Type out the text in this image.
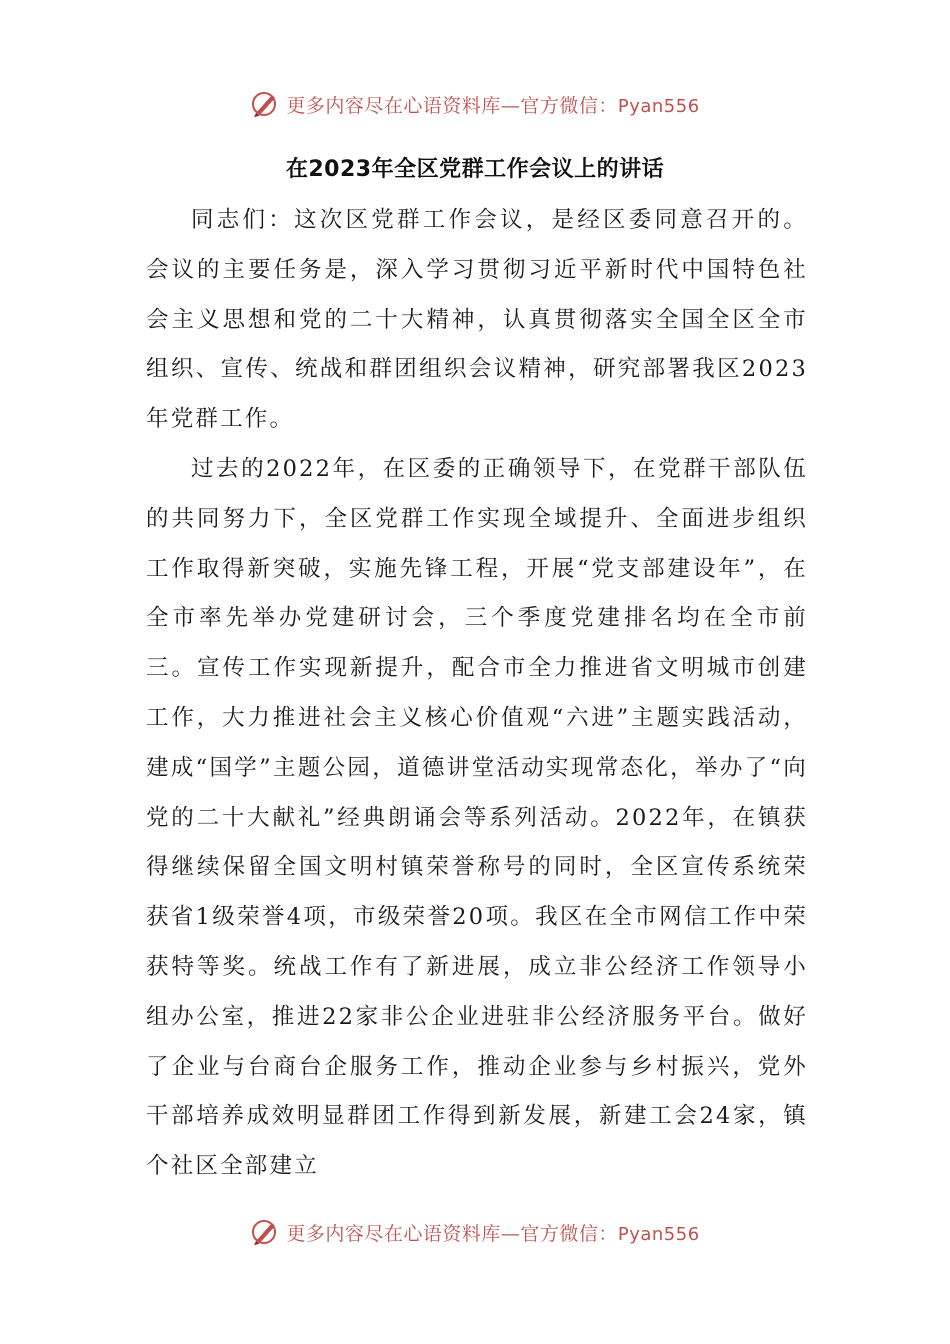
更多内容尽在心语资料库—官方微信：Pyan556
在2023年全区党群工作会议上的讲话

同志们：这次区党群工作会议，是经区委同意召开的。会议的主要任务是，深入学习贯彻习近平新时代中国特色社会主义思想和党的二十大精神，认真贯彻落实全国全区全市组织、宣传、统战和群团组织会议精神，研究部署我区2023年党群工作。

过去的2022年，在区委的正确领导下，在党群干部队伍的共同努力下，全区党群工作实现全域提升、全面进步组织工作取得新突破，实施先锋工程，开展“党支部建设年”，在全市率先举办党建研讨会，三个季度党建排名均在全市前三。宣传工作实现新提升，配合市全力推进省文明城市创建工作，大力推进社会主义核心价值观“六进”主题实践活动，建成“国学”主题公园，道德讲堂活动实现常态化，举办了“向党的二十大献礼”经典朗诵会等系列活动。2022年，在镇获得继续保留全国文明村镇荣誉称号的同时，全区宣传系统荣获省1级荣誉4项，市级荣誉20项。我区在全市网信工作中荣获特等奖。统战工作有了新进展，成立非公经济工作领导小组办公室，推进22家非公企业进驻非公经济服务平台。做好了企业与台商台企服务工作，推动企业参与乡村振兴，党外干部培养成效明显群团工作得到新发展，新建工会24家，镇个社区全部建立

更多内容尽在心语资料库—官方微信：Pyan556
